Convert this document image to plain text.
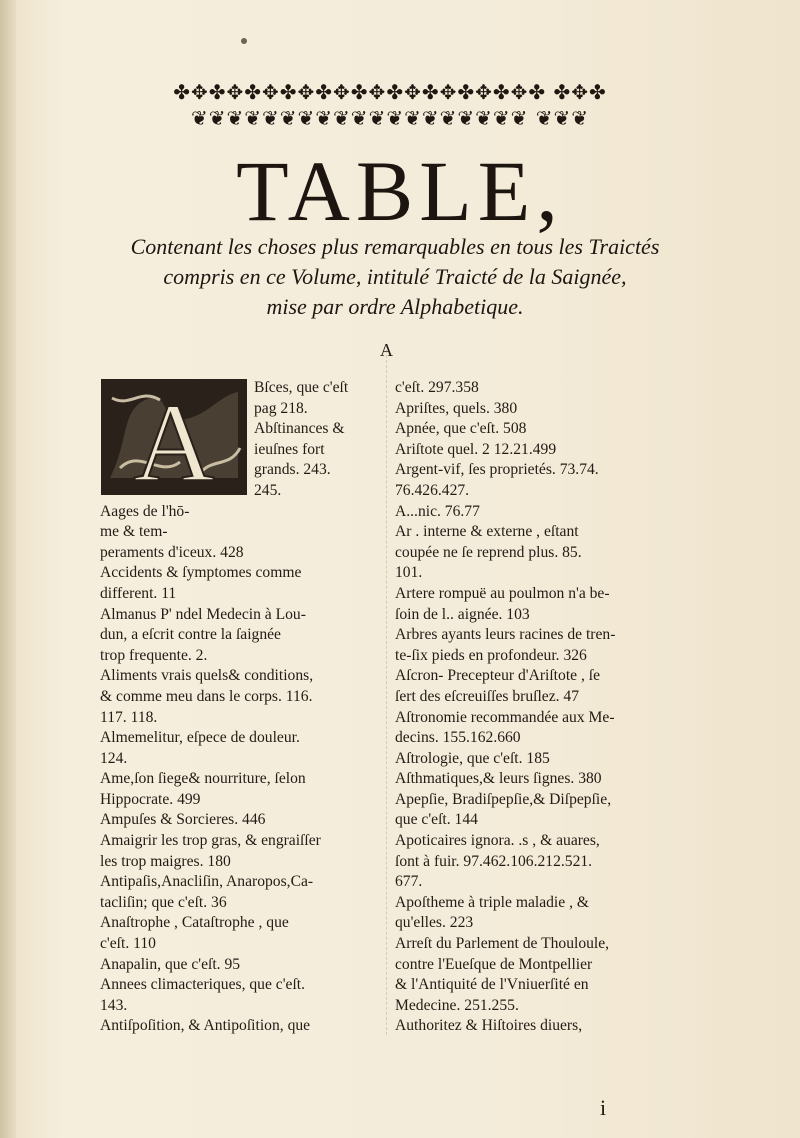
✤✥✤✥✤✥✤✥✤✥✤✥✤✥✤✥✤✥✤✥✤ ✤✥✤
❦❦❦❦❦❦❦❦❦❦❦❦❦❦❦❦❦❦❦ ❦❦❦
TABLE,
Contenant les choses plus remarquables en tous les Traictés
compris en ce Volume, intitulé Traicté de la Saignée,
mise par ordre Alphabetique.
A
A	Bſces, que c'eſt
pag 218.
Abſtinances &
ieuſnes fort
grands. 243.
245.
Aages de l'hō-
me & tem-
peraments d'iceux. 428
Accidents & ſymptomes comme
different. 11
Almanus P' ndel Medecin à Lou-
dun, a eſcrit contre la ſaignée
trop frequente. 2.
Aliments vrais quels& conditions,
& comme meu dans le corps. 116.
117. 118.
Almemelitur, eſpece de douleur.
124.
Ame,ſon ſiege& nourriture, ſelon
Hippocrate. 499
Ampuſes & Sorcieres. 446
Amaigrir les trop gras, & engraiſſer
les trop maigres. 180
Antipaſis,Anacliſin, Anaropos,Ca-
tacliſin; que c'eſt. 36
Anaſtrophe , Cataſtrophe , que
c'eſt. 110
Anapalin, que c'eſt. 95
Annees climacteriques, que c'eſt.
143.
Antiſpoſition, & Antipoſition, que
c'eſt. 297.358
Apriſtes, quels. 380
Apnée, que c'eſt. 508
Ariſtote quel. 2 12.21.499
Argent-vif, ſes proprietés. 73.74.
76.426.427.
A...nic. 76.77
Ar . interne & externe , eſtant
coupée ne ſe reprend plus. 85.
101.
Artere rompuë au poulmon n'a be-
ſoin de l.. aignée. 103
Arbres ayants leurs racines de tren-
te-ſix pieds en profondeur. 326
Aſcron- Precepteur d'Ariſtote , ſe
ſert des eſcreuiſſes bruſlez. 47
Aſtronomie recommandée aux Me-
decins. 155.162.660
Aſtrologie, que c'eſt. 185
Aſthmatiques,& leurs ſignes. 380
Apepſie, Bradiſpepſie,& Diſpepſie,
que c'eſt. 144
Apoticaires ignora. .s , & auares,
ſont à fuir. 97.462.106.212.521.
677.
Apoſtheme à triple maladie , &
qu'elles. 223
Arreſt du Parlement de Thouloule,
contre l'Eueſque de Montpellier
& l'Antiquité de l'Vniuerſité en
Medecine. 251.255.
Authoritez & Hiſtoires diuers,
i
